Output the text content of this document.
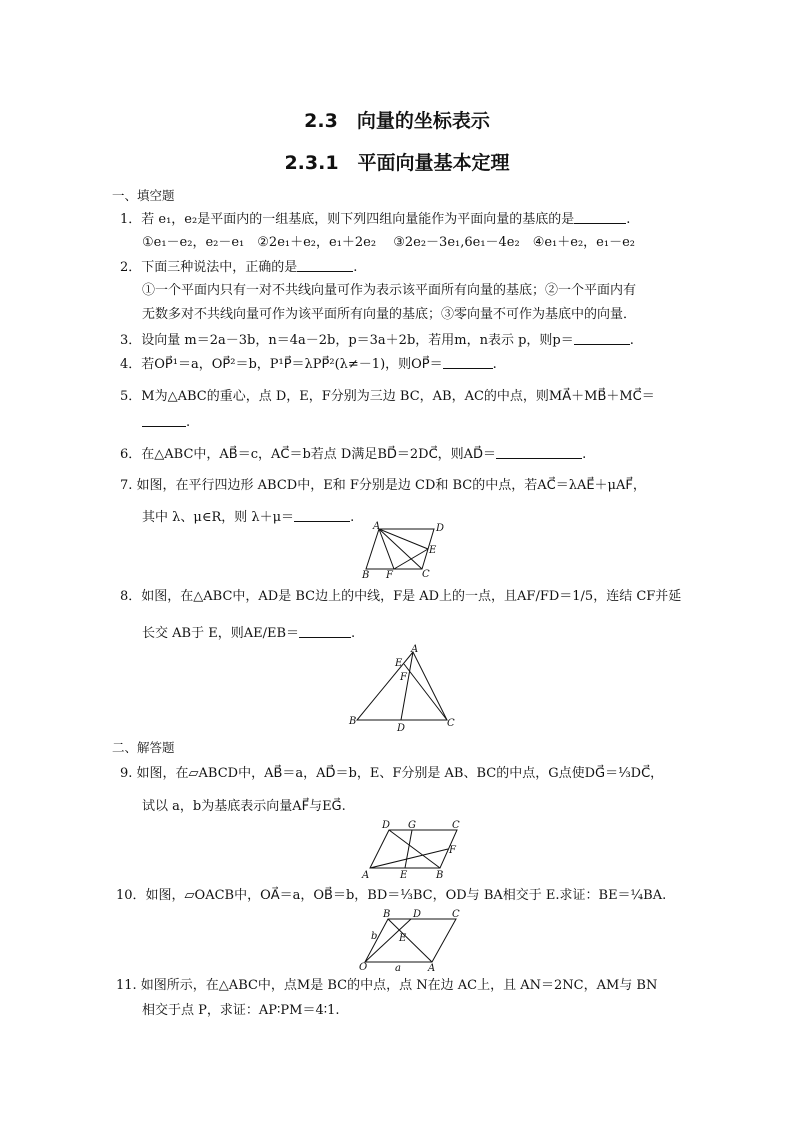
2.3　向量的坐标表示
2.3.1　平面向量基本定理
一、填空题
1．若 e₁，e₂是平面内的一组基底，则下列四组向量能作为平面向量的基底的是	.
①e₁－e₂，e₂－e₁　②2e₁＋e₂，e₁＋2e₂　 ③2e₂－3e₁,6e₁－4e₂　④e₁＋e₂，e₁－e₂
2．下面三种说法中，正确的是	.
①一个平面内只有一对不共线向量可作为表示该平面所有向量的基底；②一个平面内有
无数多对不共线向量可作为该平面所有向量的基底；③零向量不可作为基底中的向量．
3．设向量 m＝2a－3b，n＝4a－2b，p＝3a＋2b，若用m，n表示 p，则p＝	.
4．若OP⃗¹＝a，OP⃗²＝b，P¹P⃗＝λPP⃗²(λ≠－1)，则OP⃗＝	.
5．M为△ABC的重心，点 D，E，F分别为三边 BC，AB，AC的中点，则MA⃗＋MB⃗＋MC⃗＝
.
6．在△ABC中，AB⃗＝c，AC⃗＝b若点 D满足BD⃗＝2DC⃗，则AD⃗＝	.
7. 如图，在平行四边形 ABCD中，E和 F分别是边 CD和 BC的中点，若AC⃗＝λAE⃗＋μAF⃗，
其中 λ、μ∈R，则 λ＋μ＝	.
A	D
B F	C
E
8．如图，在△ABC中，AD是 BC边上的中线，F是 AD上的一点，且AF/FD＝1/5，连结 CF并延
长交 AB于 E，则AE/EB＝	.
A
E
F
B
D	C
二、解答题
9. 如图，在▱ABCD中，AB⃗＝a，AD⃗＝b，E、F分别是 AB、BC的中点，G点使DG⃗＝⅓DC⃗，
试以 a，b为基底表示向量AF⃗与EG⃗.
D G	C
F
A	E	B
10．如图，▱OACB中，OA⃗＝a，OB⃗＝b，BD＝⅓BC，OD与 BA相交于 E.求证：BE＝¼BA.
B D	C
b E
O	a	A
11. 如图所示，在△ABC中，点M是 BC的中点，点 N在边 AC上，且 AN＝2NC，AM与 BN
相交于点 P，求证：AP∶PM＝4∶1.
